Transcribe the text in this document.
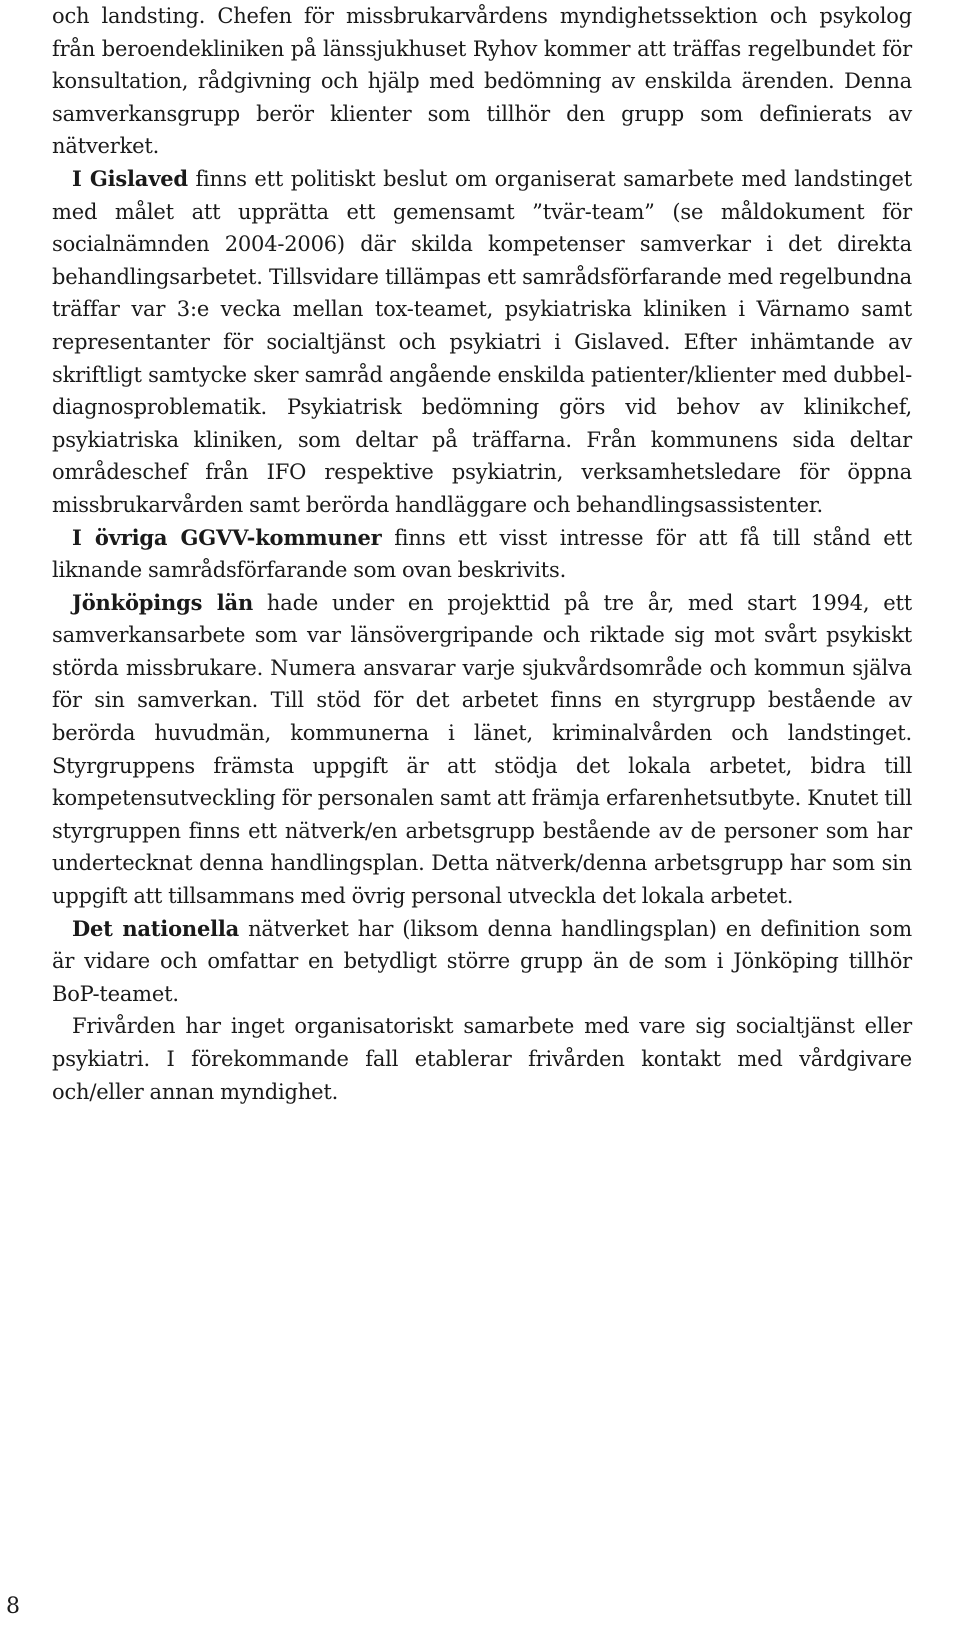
och landsting. Chefen för missbrukarvårdens myndighetssektion och psykolog från beroendekliniken på länssjukhuset Ryhov kommer att träffas regelbundet för konsultation, rådgivning och hjälp med bedömning av enskilda ärenden. Denna samverkansgrupp berör klienter som tillhör den grupp som definierats av nätverket.

I Gislaved finns ett politiskt beslut om organiserat samarbete med landstinget med målet att upprätta ett gemensamt ”tvär-team” (se måldokument för socialnämnden 2004-2006) där skilda kompetenser samverkar i det direkta behandlingsarbetet. Tillsvidare tillämpas ett samrådsförfarande med regelbundna träffar var 3:e vecka mellan tox-teamet, psykiatriska kliniken i Värnamo samt representanter för socialtjänst och psykiatri i Gislaved. Efter inhämtande av skriftligt samtycke sker samråd angående enskilda patienter/klienter med dubbel-diagnosproblematik. Psykiatrisk bedömning görs vid behov av klinikchef, psykiatriska kliniken, som deltar på träffarna. Från kommunens sida deltar områdeschef från IFO respektive psykiatrin, verksamhetsledare för öppna missbrukarvården samt berörda handläggare och behandlingsassistenter.

I övriga GGVV-kommuner finns ett visst intresse för att få till stånd ett liknande samrådsförfarande som ovan beskrivits.

Jönköpings län hade under en projekttid på tre år, med start 1994, ett samverkansarbete som var länsövergripande och riktade sig mot svårt psykiskt störda missbrukare. Numera ansvarar varje sjukvårdsområde och kommun själva för sin samverkan. Till stöd för det arbetet finns en styrgrupp bestående av berörda huvudmän, kommunerna i länet, kriminalvården och landstinget. Styrgruppens främsta uppgift är att stödja det lokala arbetet, bidra till kompetensutveckling för personalen samt att främja erfarenhetsutbyte. Knutet till styrgruppen finns ett nätverk/en arbetsgrupp bestående av de personer som har undertecknat denna handlingsplan. Detta nätverk/denna arbetsgrupp har som sin uppgift att tillsammans med övrig personal utveckla det lokala arbetet.

Det nationella nätverket har (liksom denna handlingsplan) en definition som är vidare och omfattar en betydligt större grupp än de som i Jönköping tillhör BoP-teamet.

Frivården har inget organisatoriskt samarbete med vare sig socialtjänst eller psykiatri. I förekommande fall etablerar frivården kontakt med vårdgivare och/eller annan myndighet.

8
